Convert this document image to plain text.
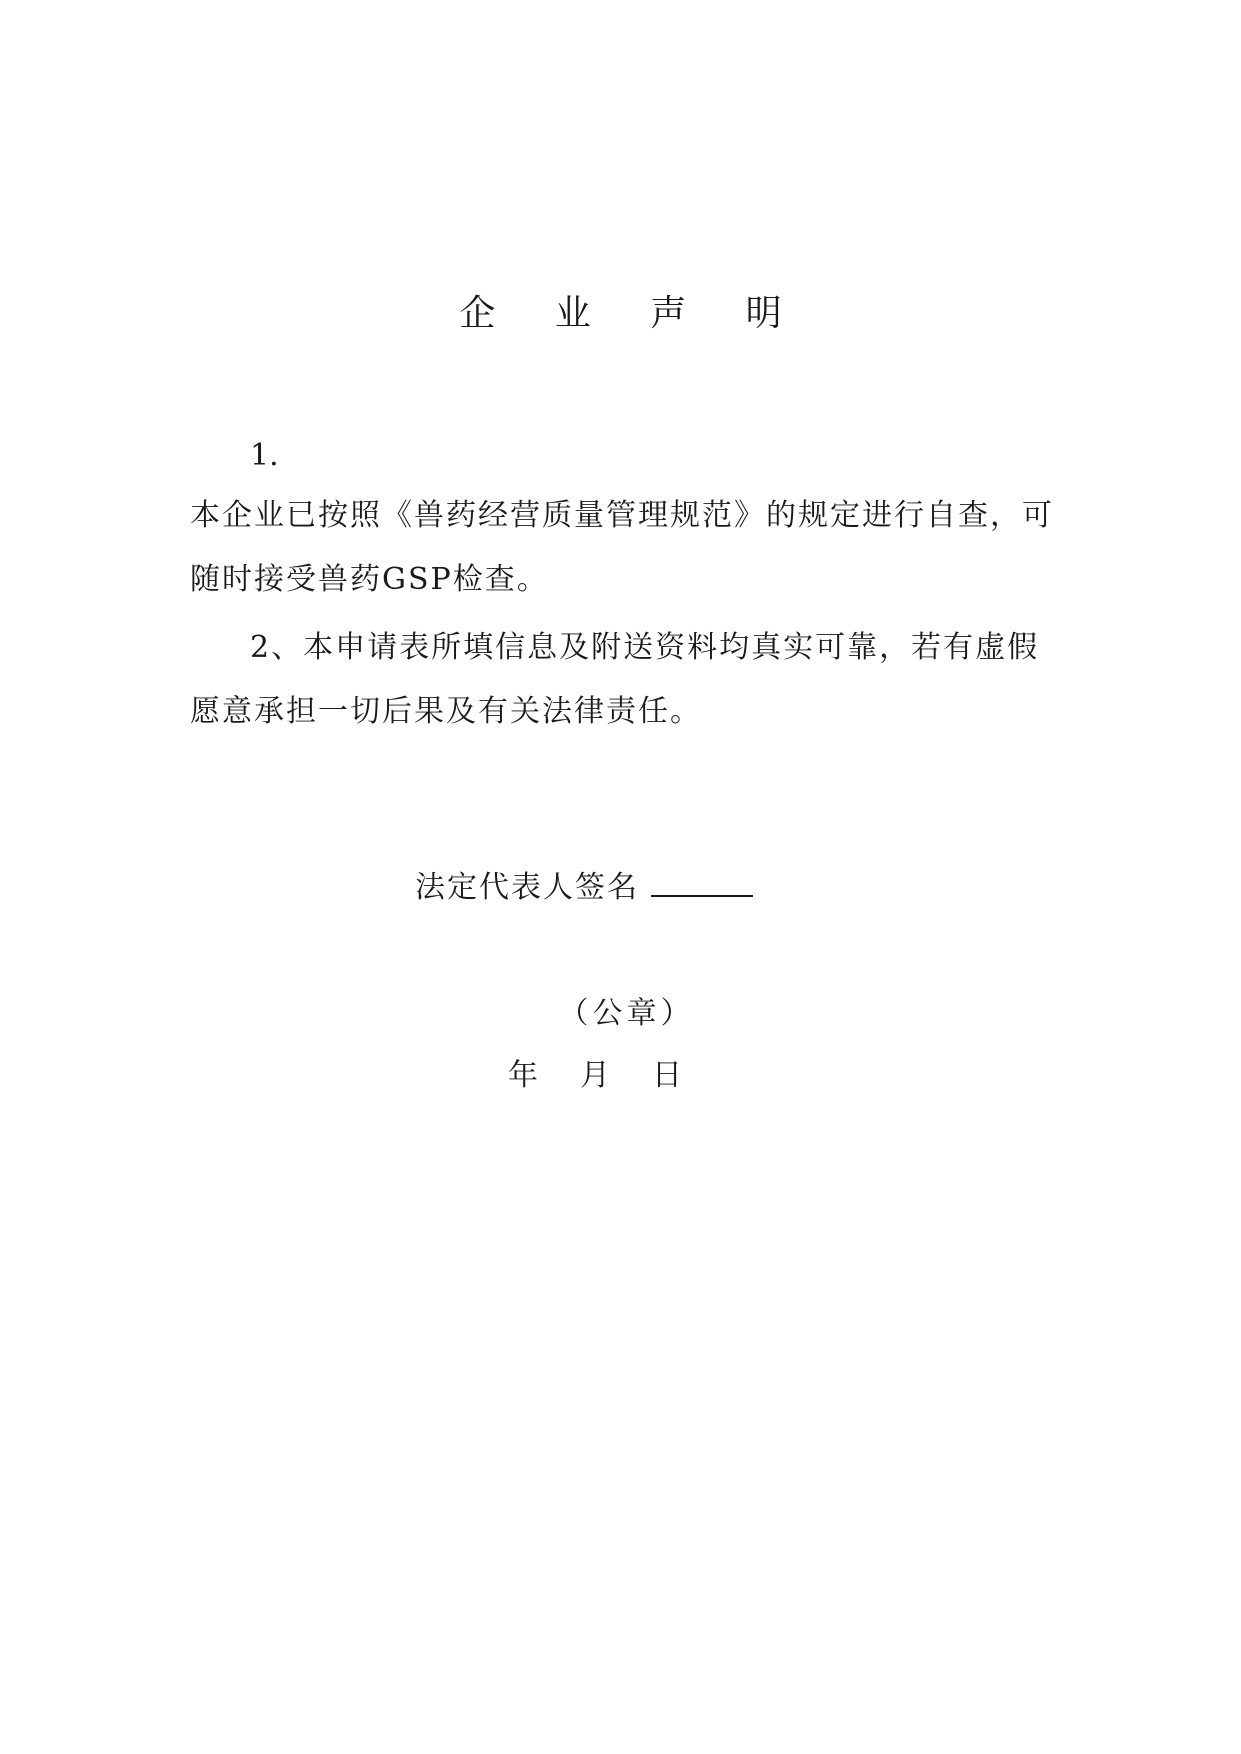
企 业 声 明
1.

本企业已按照《兽药经营质量管理规范》的规定进行自查，可随时接受兽药GSP检查。

2、本申请表所填信息及附送资料均真实可靠，若有虚假愿意承担一切后果及有关法律责任。

法定代表人签名
（公章）
年 月 日
